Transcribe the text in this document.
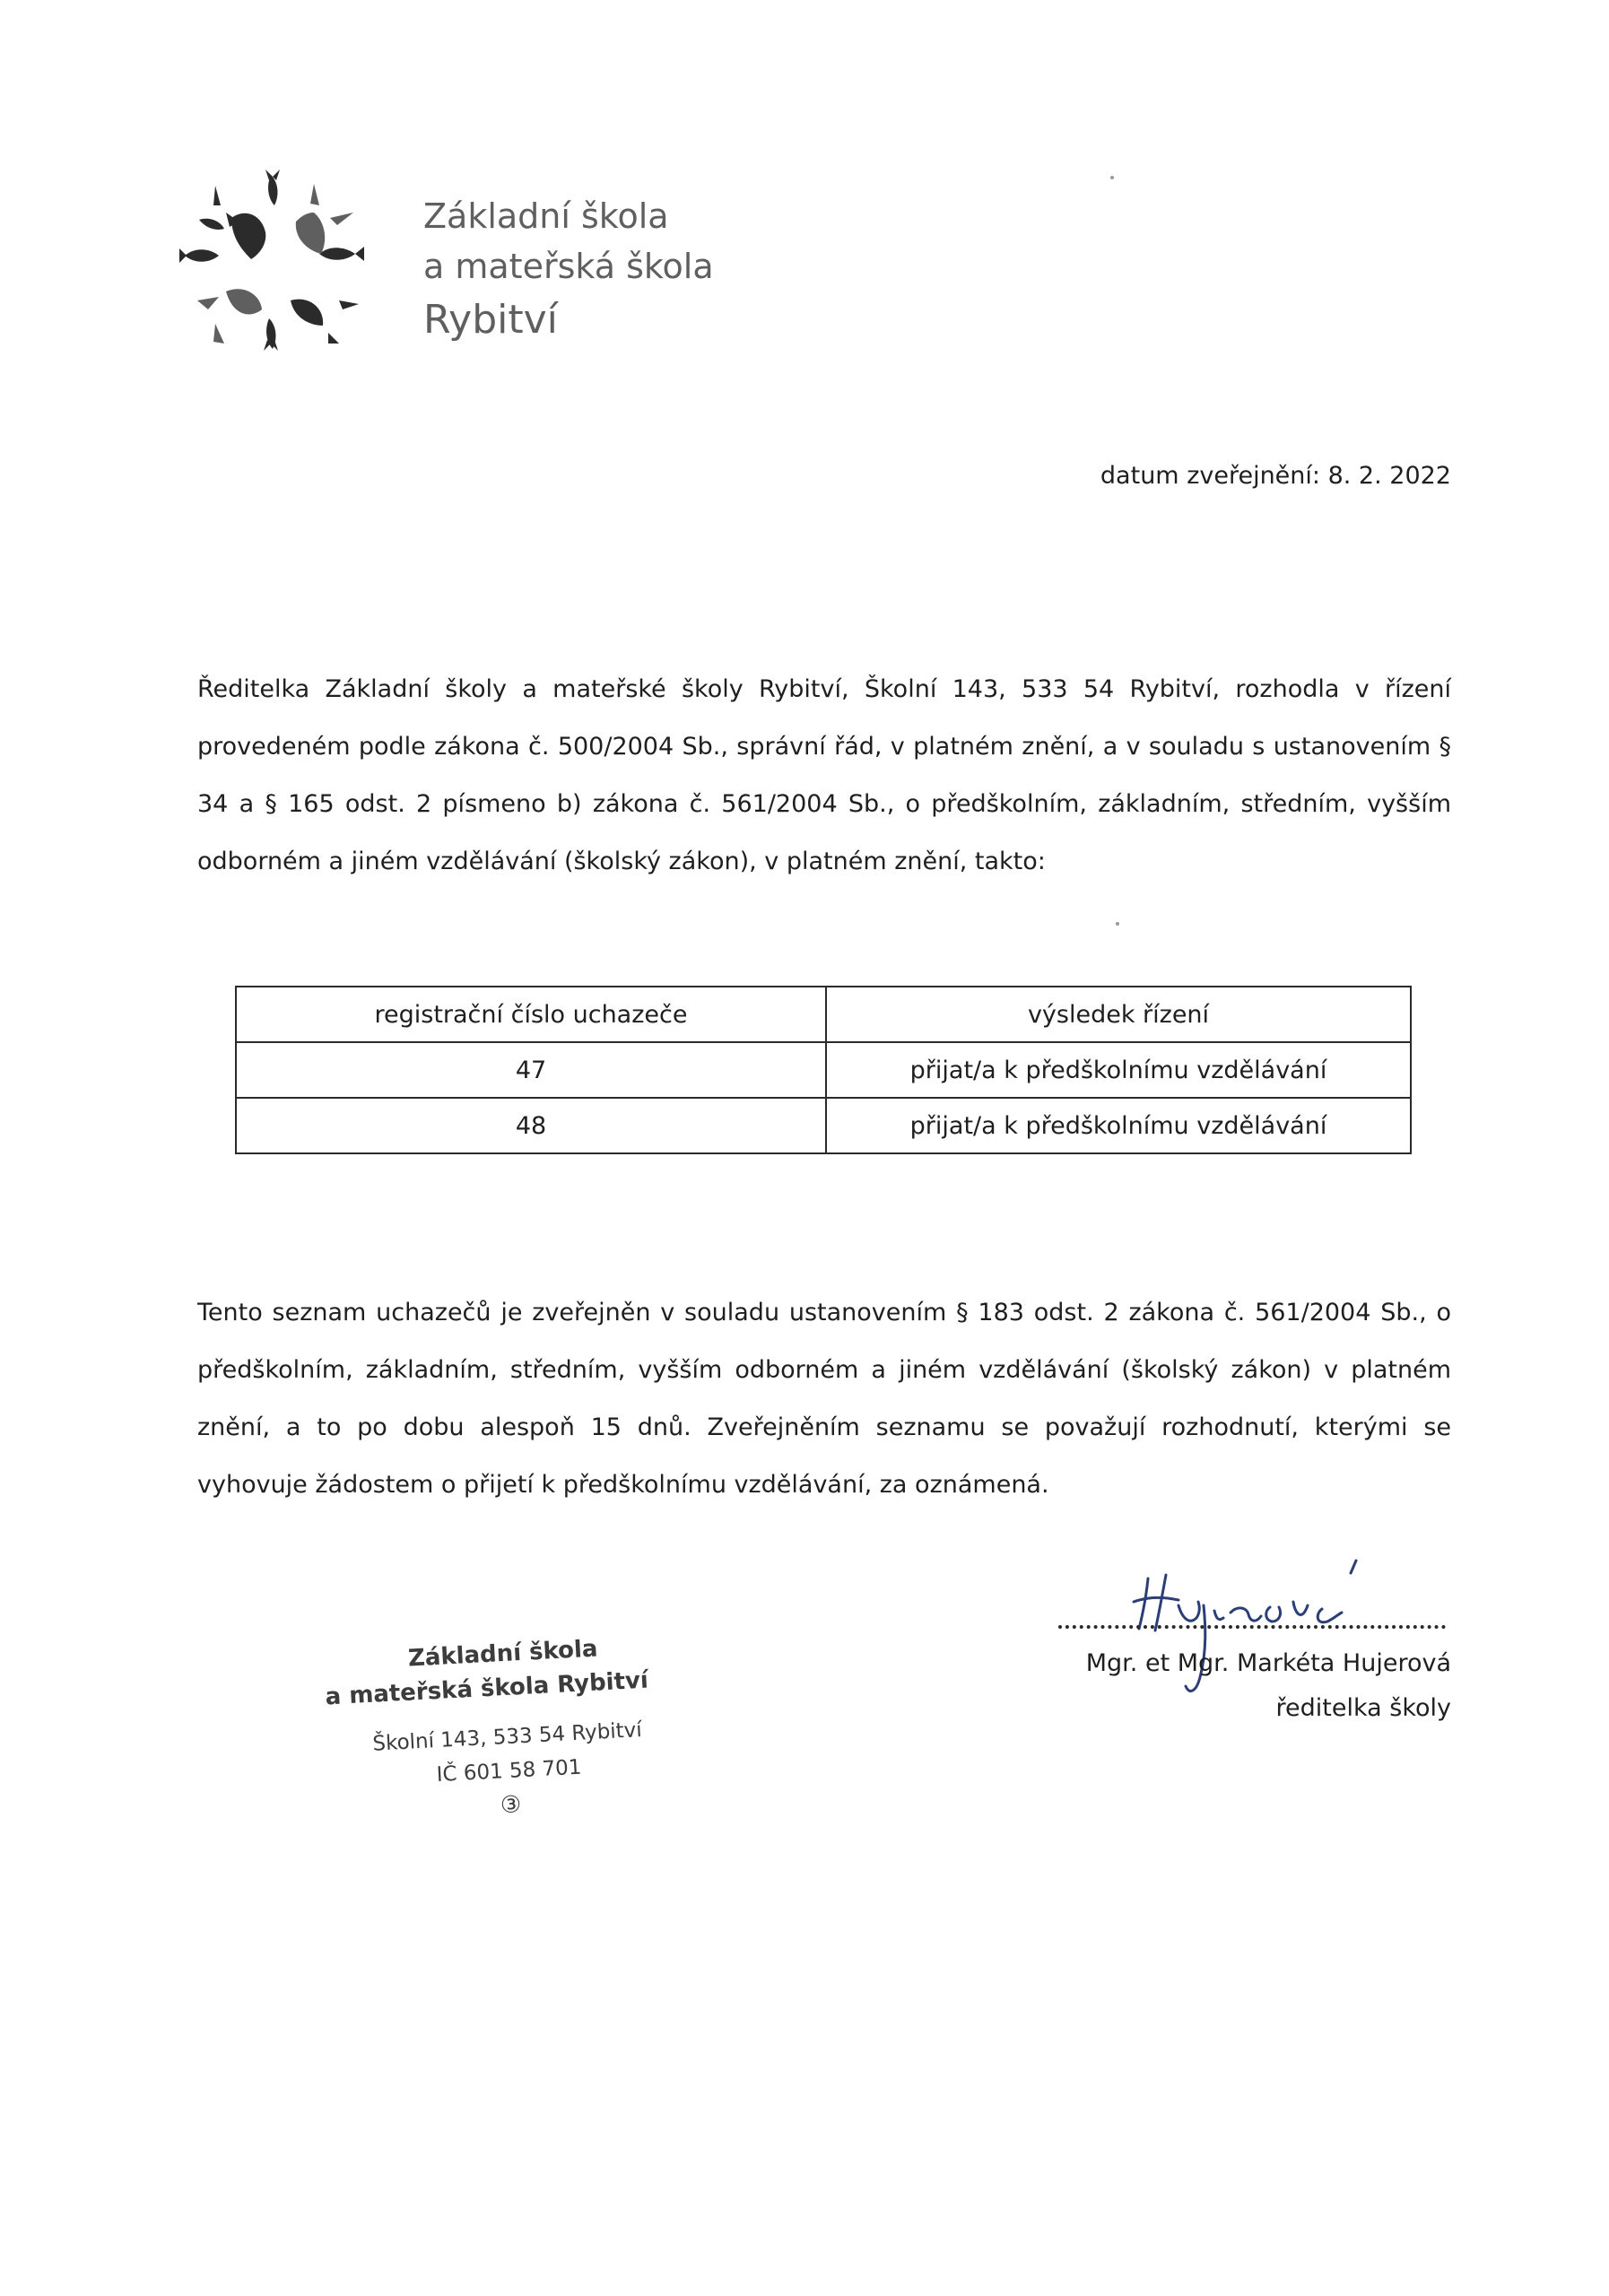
Základní škola
a mateřská škola
Rybitví
datum zveřejnění: 8. 2. 2022

Ředitelka Základní školy a mateřské školy Rybitví, Školní 143, 533 54 Rybitví, rozhodla v řízení provedeném podle zákona č. 500/2004 Sb., správní řád, v platném znění, a v souladu s ustanovením § 34 a § 165 odst. 2 písmeno b) zákona č. 561/2004 Sb., o předškolním, základním, středním, vyšším odborném a jiném vzdělávání (školský zákon), v platném znění, takto:

registrační číslo uchazeče	výsledek řízení
47	přijat/a k předškolnímu vzdělávání
48	přijat/a k předškolnímu vzdělávání

Tento seznam uchazečů je zveřejněn v souladu ustanovením § 183 odst. 2 zákona č. 561/2004 Sb., o předškolním, základním, středním, vyšším odborném a jiném vzdělávání (školský zákon) v platném znění, a to po dobu alespoň 15 dnů. Zveřejněním seznamu se považují rozhodnutí, kterými se vyhovuje žádostem o přijetí k předškolnímu vzdělávání, za oznámená.

Základní škola
a mateřská škola Rybitví
Školní 143, 533 54 Rybitví
IČ 601 58 701
③
Mgr. et Mgr. Markéta Hujerová
ředitelka školy
